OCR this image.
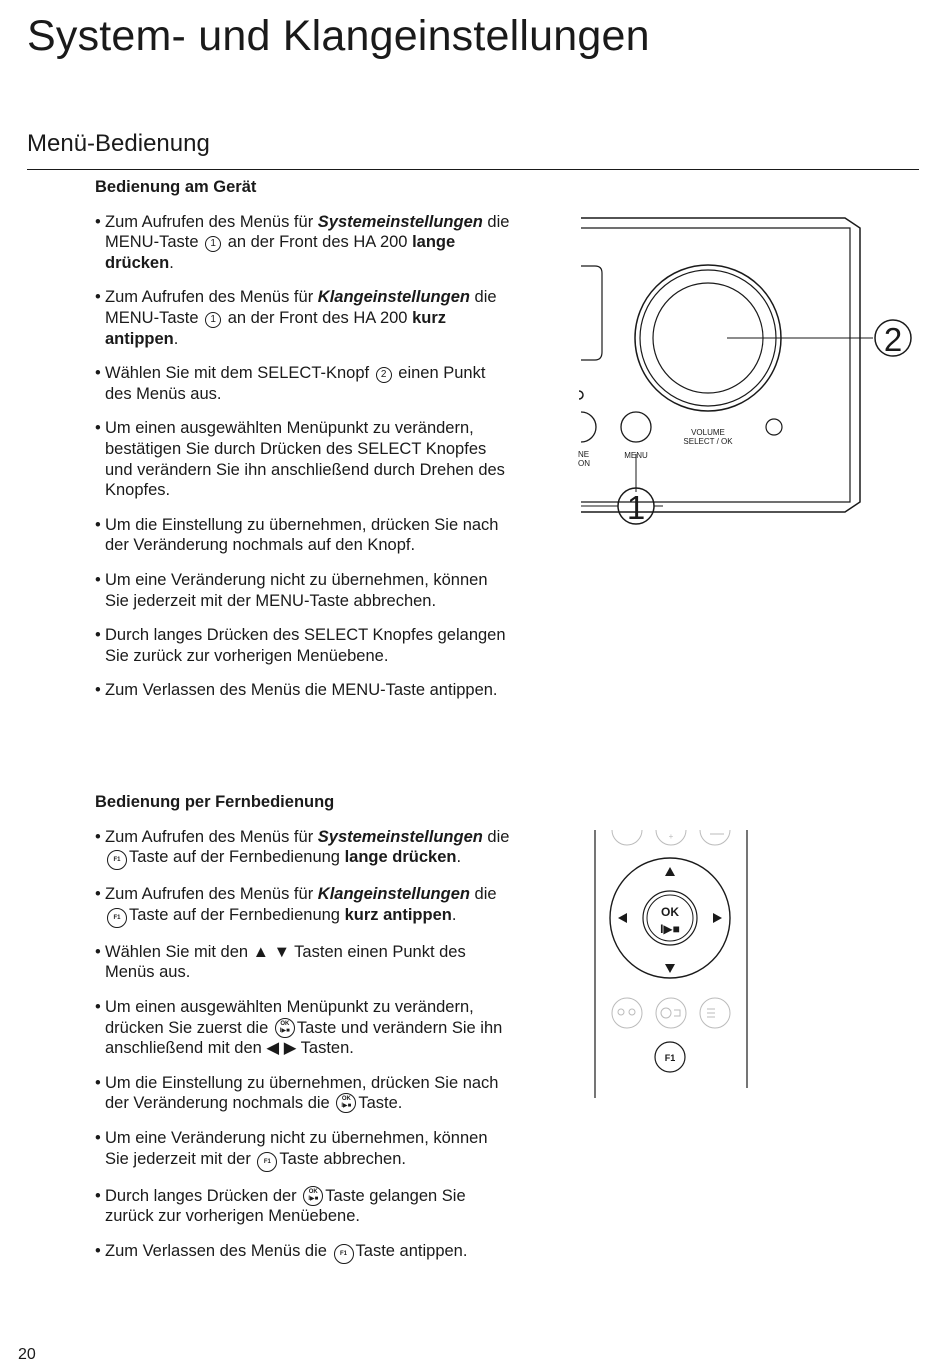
System- und Klangeinstellungen
Menü-Bedienung
Bedienung am Gerät
• Zum Aufrufen des Menüs für Systemeinstellungen die MENU-Taste 1 an der Front des HA 200 lange drücken.
• Zum Aufrufen des Menüs für Klangeinstellungen die MENU-Taste 1 an der Front des HA 200 kurz antippen.
• Wählen Sie mit dem SELECT-Knopf 2 einen Punkt des Menüs aus.
• Um einen ausgewählten Menüpunkt zu verändern, bestätigen Sie durch Drücken des SELECT Knopfes und verändern Sie ihn anschließend durch Drehen des Knopfes.
• Um die Einstellung zu übernehmen, drücken Sie nach der Veränderung nochmals auf den Knopf.
• Um eine Veränderung nicht zu übernehmen, können Sie jederzeit mit der MENU-Taste abbrechen.
• Durch langes Drücken des SELECT Knopfes gelangen Sie zurück zur vorherigen Menüebene.
• Zum Verlassen des Menüs die MENU-Taste antippen.
Bedienung per Fernbedienung
• Zum Aufrufen des Menüs für Systemeinstellungen die F1 Taste auf der Fernbedienung lange drücken.
• Zum Aufrufen des Menüs für Klangeinstellungen die F1 Taste auf der Fernbedienung kurz antippen.
• Wählen Sie mit den ▲ ▼ Tasten einen Punkt des Menüs aus.
• Um einen ausgewählten Menüpunkt zu verändern, drücken Sie zuerst die OK
I▶■ Taste und verändern Sie ihn anschließend mit den ◀ ▶ Tasten.
• Um die Einstellung zu übernehmen, drücken Sie nach der Veränderung nochmals die OK
I▶■ Taste.
• Um eine Veränderung nicht zu übernehmen, können Sie jederzeit mit der F1 Taste abbrechen.
• Durch langes Drücken der OK
I▶■ Taste gelangen Sie zurück zur vorherigen Menüebene.
• Zum Verlassen des Menüs die F1 Taste antippen.
2
1
MENU
VOLUME
SELECT / OK
NE
ON
+
OK
I▶■
F1
20
